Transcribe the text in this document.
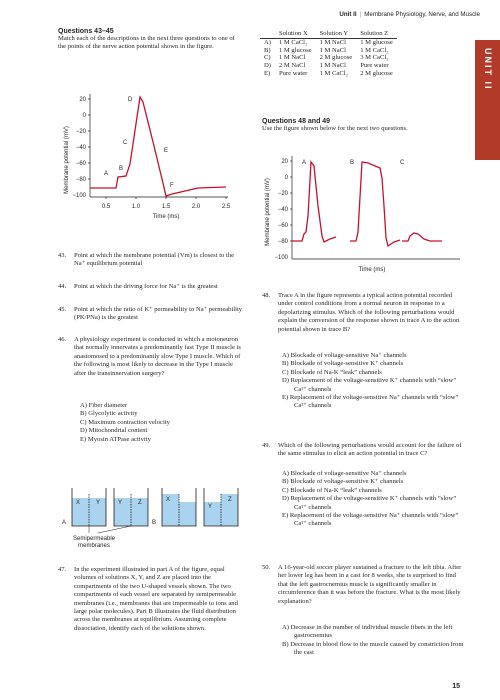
Unit II | Membrane Physiology, Nerve, and Muscle
UNIT II
Questions 43–45
Match each of the descriptions in the next three questions to one of the points of the nerve action potential shown in the figure.
Membrane potential (mV)
20
0
−20
−40
−60
−80
−100
0.5	1.0	1.5	2.0	2.5
Time (ms)
A
B
C
D
E
F
43. Point at which the membrane potential (Vm) is closest to the Na⁺ equilibrium potential
44. Point at which the driving force for Na⁺ is the greatest
45. Point at which the ratio of K⁺ permeability to Na⁺ permeability (PK/PNa) is the greatest
46. A physiology experiment is conducted in which a motoneuron that normally innervates a predominantly fast Type II muscle is anastomosed to a predominantly slow Type I muscle. Which of the following is most likely to decrease in the Type I muscle after the transinnervation surgery?
A) Fiber diameter
B) Glycolytic activity
C) Maximum contraction velocity
D) Mitochondrial content
E) Myosin ATPase activity
X	Y	Y	Z	X
Y
Z
A	B
Semipermeable
membranes
47. In the experiment illustrated in part A of the figure, equal volumes of solutions X, Y, and Z are placed into the compartments of the two U-shaped vessels shown. The two compartments of each vessel are separated by semipermeable membranes (i.e., membranes that are impermeable to ions and large polar molecules). Part B illustrates the fluid distribution across the membranes at equilibrium. Assuming complete dissociation, identify each of the solutions shown.
	Solution X	Solution Y	Solution Z
A)	1 M CaCl₂	1 M NaCl	1 M glucose
B)	1 M glucose	1 M NaCl	1 M CaCl₂
C)	1 M NaCl	2 M glucose	3 M CaCl₂
D)	2 M NaCl	1 M NaCl	Pure water
E)	Pure water	1 M CaCl₂	2 M glucose
Questions 48 and 49
Use the figure shown below for the next two questions.
Membrane potential (mV)
20
0
−20
−40
−60
−80
−100
Time (ms)
A	B	C
48. Trace A in the figure represents a typical action potential recorded under control conditions from a normal neuron in response to a depolarizing stimulus. Which of the following perturbations would explain the conversion of the response shown in trace A to the action potential shown in trace B?
A) Blockade of voltage-sensitive Na⁺ channels
B) Blockade of voltage-sensitive K⁺ channels
C) Blockade of Na-K “leak” channels
D) Replacement of the voltage-sensitive K⁺ channels with “slow” Ca²⁺ channels
E) Replacement of the voltage-sensitive Na⁺ channels with “slow” Ca²⁺ channels
49. Which of the following perturbations would account for the failure of the same stimulus to elicit an action potential in trace C?
A) Blockade of voltage-sensitive Na⁺ channels
B) Blockade of voltage-sensitive K⁺ channels
C) Blockade of Na-K “leak” channels
D) Replacement of the voltage-sensitive K⁺ channels with “slow” Ca²⁺ channels
E) Replacement of the voltage-sensitive Na⁺ channels with “slow” Ca²⁺ channels
50. A 16-year-old soccer player sustained a fracture to the left tibia. After her lower leg has been in a cast for 8 weeks, she is surprised to find that the left gastrocnemius muscle is significantly smaller in circumference than it was before the fracture. What is the most likely explanation?
A) Decrease in the number of individual muscle fibers in the left gastrocnemius
B) Decrease in blood flow to the muscle caused by constriction from the cast
15
